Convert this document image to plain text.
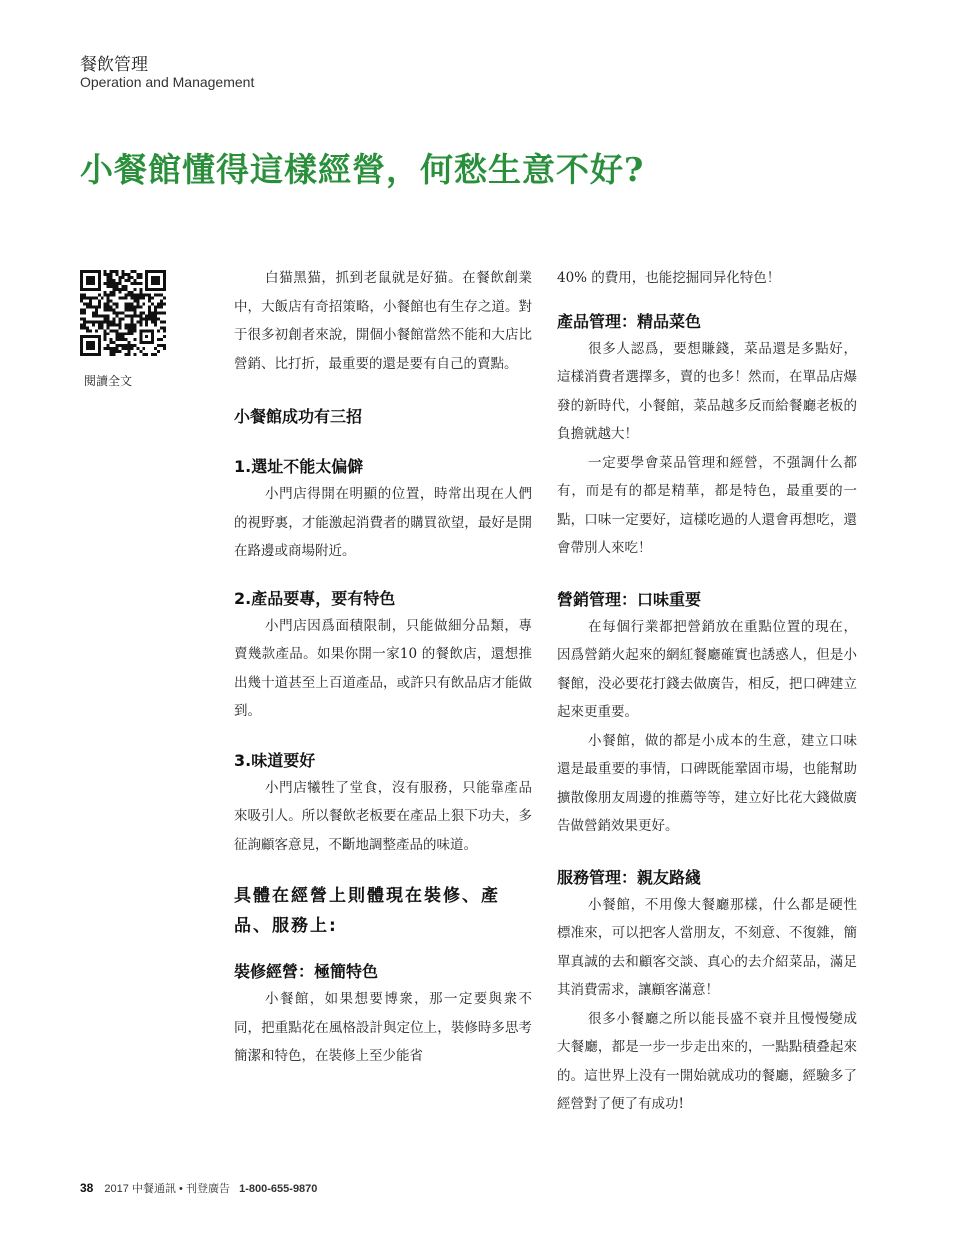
餐飲管理
Operation and Management
小餐館懂得這樣經營，何愁生意不好?
閱讀全文

白猫黑猫，抓到老鼠就是好猫。在餐飲創業中，大飯店有奇招策略，小餐館也有生存之道。對于很多初創者來說，開個小餐館當然不能和大店比營銷、比打折，最重要的還是要有自己的賣點。

小餐館成功有三招
1.選址不能太偏僻

小門店得開在明顯的位置，時常出現在人們的視野裏，才能激起消費者的購買欲望，最好是開在路邊或商場附近。

2.產品要專，要有特色

小門店因爲面積限制，只能做細分品類，專賣幾款產品。如果你開一家10 的餐飲店，還想推出幾十道甚至上百道產品，或許只有飲品店才能做到。

3.味道要好

小門店犧牲了堂食，沒有服務，只能靠產品來吸引人。所以餐飲老板要在產品上狠下功夫，多征詢顧客意見，不斷地調整產品的味道。

具體在經營上則體現在裝修、產品、服務上:
裝修經營：極簡特色

小餐館，如果想要博衆，那一定要與衆不同，把重點花在風格設計與定位上，裝修時多思考簡潔和特色，在裝修上至少能省

40% 的費用，也能挖掘同异化特色！

產品管理：精品菜色

很多人認爲，要想賺錢，菜品還是多點好，這樣消費者選擇多，賣的也多！然而，在單品店爆發的新時代，小餐館，菜品越多反而給餐廳老板的負擔就越大！

一定要學會菜品管理和經營，不强調什么都有，而是有的都是精華，都是特色，最重要的一點，口味一定要好，這樣吃過的人還會再想吃，還會帶別人來吃！

營銷管理：口味重要

在每個行業都把營銷放在重點位置的現在，因爲營銷火起來的網紅餐廳確實也誘惑人，但是小餐館，没必要花打錢去做廣告，相反，把口碑建立起來更重要。

小餐館，做的都是小成本的生意，建立口味還是最重要的事情，口碑既能鞏固市場，也能幫助擴散像朋友周邊的推薦等等，建立好比花大錢做廣告做營銷效果更好。

服務管理：親友路綫

小餐館，不用像大餐廳那樣，什么都是硬性標准來，可以把客人當朋友，不刻意、不復雜，簡單真誠的去和顧客交談、真心的去介紹菜品，滿足其消費需求，讓顧客滿意！

很多小餐廳之所以能長盛不衰并且慢慢變成大餐廳，都是一步一步走出來的，一點點積叠起來的。這世界上没有一開始就成功的餐廳，經驗多了經營對了便了有成功!

38 2017 中餐通訊 • 刊登廣告 1-800-655-9870
